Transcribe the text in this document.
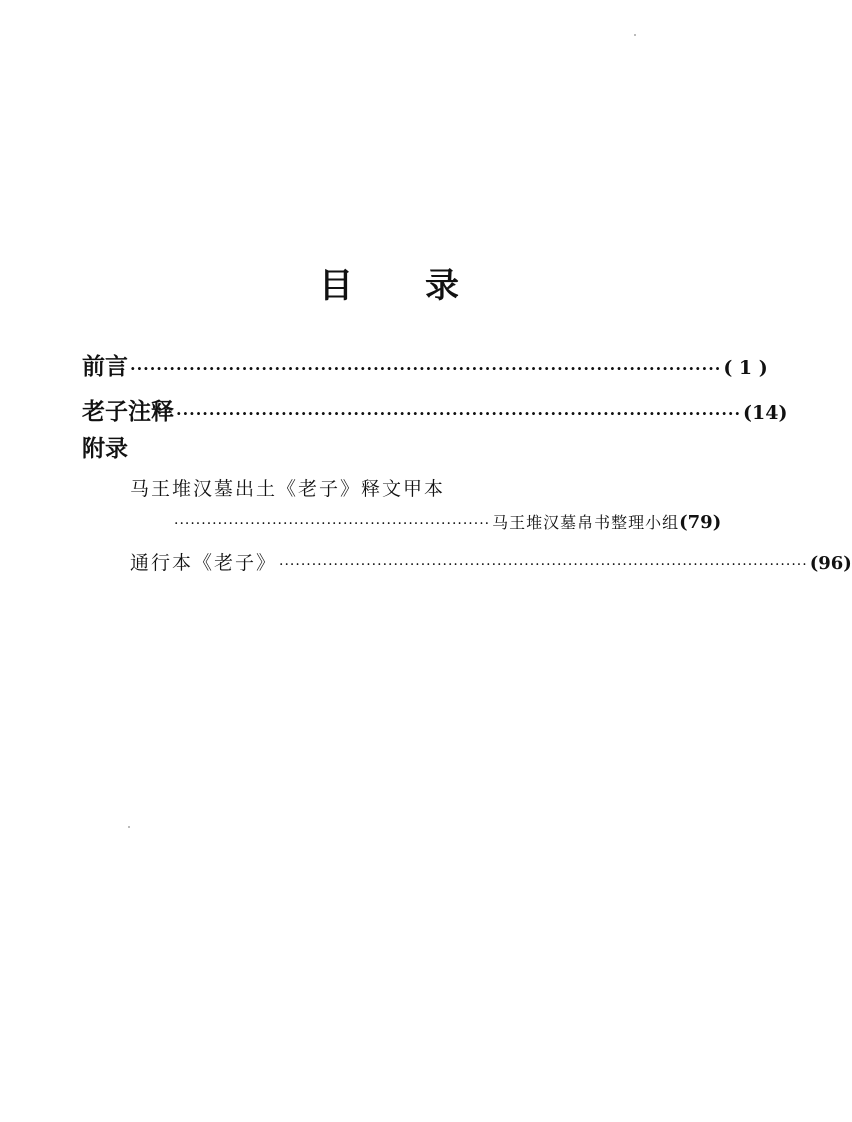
目 录
前言 ·························································································· ( 1 )
老子注释 ······················································································ (14)
附录
马王堆汉墓出土《老子》释文甲本
·························································· 马王堆汉墓帛书整理小组 (79)
通行本《老子》 ································································································· (96)
